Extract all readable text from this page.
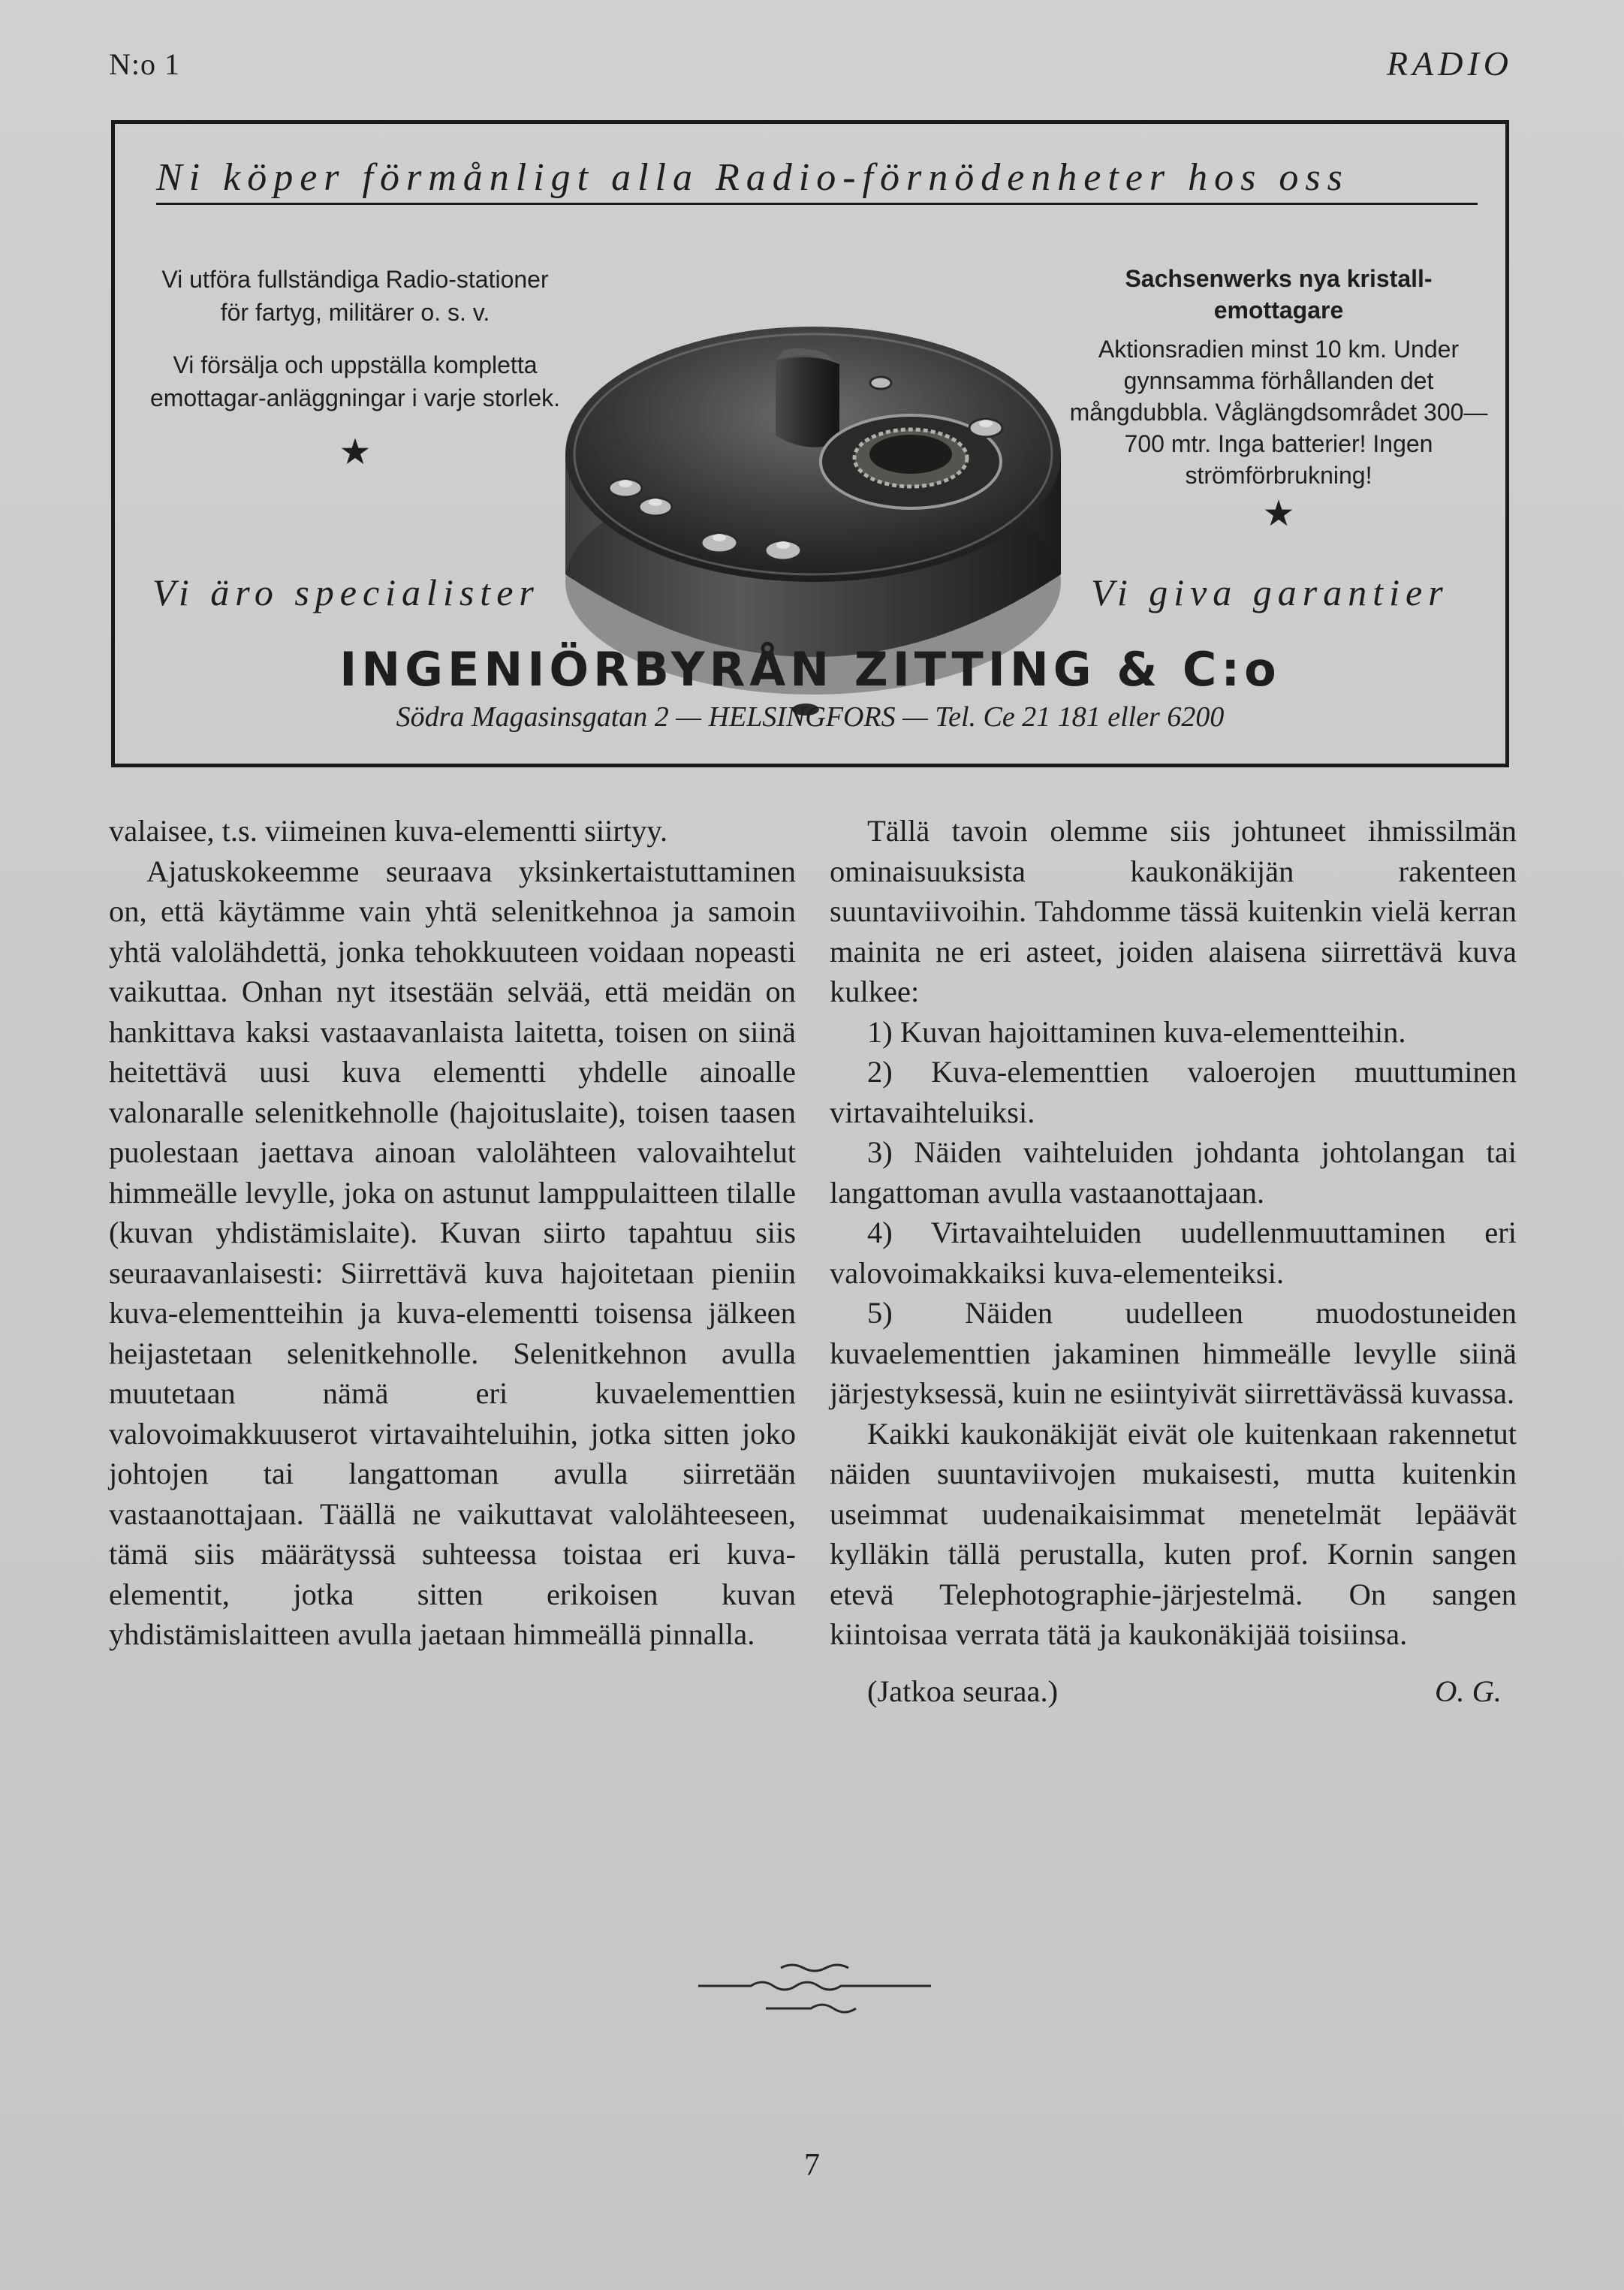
N:o 1	RADIO
Ni köper förmånligt alla Radio-förnödenheter hos oss

Vi utföra fullständiga Radio-stationer för fartyg, militärer o. s. v.

Vi försälja och uppställa kompletta emottagar-anläggningar i varje storlek.

★

Sachsenwerks nya kristall-emottagare

Aktionsradien minst 10 km. Under gynnsamma förhållanden det mångdubbla. Våglängdsområdet 300—700 mtr. Inga batterier! Ingen strömförbrukning!

★
Vi äro specialister	Vi giva garantier
INGENIÖRBYRÅN ZITTING & C:o
Södra Magasinsgatan 2 — HELSINGFORS — Tel. Ce 21 181 eller 6200

valaisee, t.s. viimeinen kuva-elementti siirtyy.

Ajatuskokeemme seuraava yksinkertaistuttaminen on, että käytämme vain yhtä selenitkehnoa ja samoin yhtä valolähdettä, jonka tehokkuuteen voidaan nopeasti vaikuttaa. Onhan nyt itsestään selvää, että meidän on hankittava kaksi vastaavanlaista laitetta, toisen on siinä heitettävä uusi kuva elementti yhdelle ainoalle valonaralle selenitkehnolle (hajoituslaite), toisen taasen puolestaan jaettava ainoan valolähteen valovaihtelut himmeälle levylle, joka on astunut lamppulaitteen tilalle (kuvan yhdistämislaite). Kuvan siirto tapahtuu siis seuraavanlaisesti: Siirrettävä kuva hajoitetaan pieniin kuva-elementteihin ja kuva-elementti toisensa jälkeen heijastetaan selenitkehnolle. Selenitkehnon avulla muutetaan nämä eri kuvaelementtien valovoimakkuuserot virtavaihteluihin, jotka sitten joko johtojen tai langattoman avulla siirretään vastaanottajaan. Täällä ne vaikuttavat valolähteeseen, tämä siis määrätyssä suhteessa toistaa eri kuva-elementit, jotka sitten erikoisen kuvan yhdistämislaitteen avulla jaetaan himmeällä pinnalla.

Tällä tavoin olemme siis johtuneet ihmissilmän ominaisuuksista kaukonäkijän rakenteen suuntaviivoihin. Tahdomme tässä kuitenkin vielä kerran mainita ne eri asteet, joiden alaisena siirrettävä kuva kulkee:

1) Kuvan hajoittaminen kuva-elementteihin.

2) Kuva-elementtien valoerojen muuttuminen virtavaihteluiksi.

3) Näiden vaihteluiden johdanta johtolangan tai langattoman avulla vastaanottajaan.

4) Virtavaihteluiden uudellenmuuttaminen eri valovoimakkaiksi kuva-elementeiksi.

5) Näiden uudelleen muodostuneiden kuvaelementtien jakaminen himmeälle levylle siinä järjestyksessä, kuin ne esiintyivät siirrettävässä kuvassa.

Kaikki kaukonäkijät eivät ole kuitenkaan rakennetut näiden suuntaviivojen mukaisesti, mutta kuitenkin useimmat uudenaikaisimmat menetelmät lepäävät kylläkin tällä perustalla, kuten prof. Kornin sangen etevä Telephotographie-järjestelmä. On sangen kiintoisaa verrata tätä ja kaukonäkijää toisiinsa.

(Jatkoa seuraa.)	O. G.
7
